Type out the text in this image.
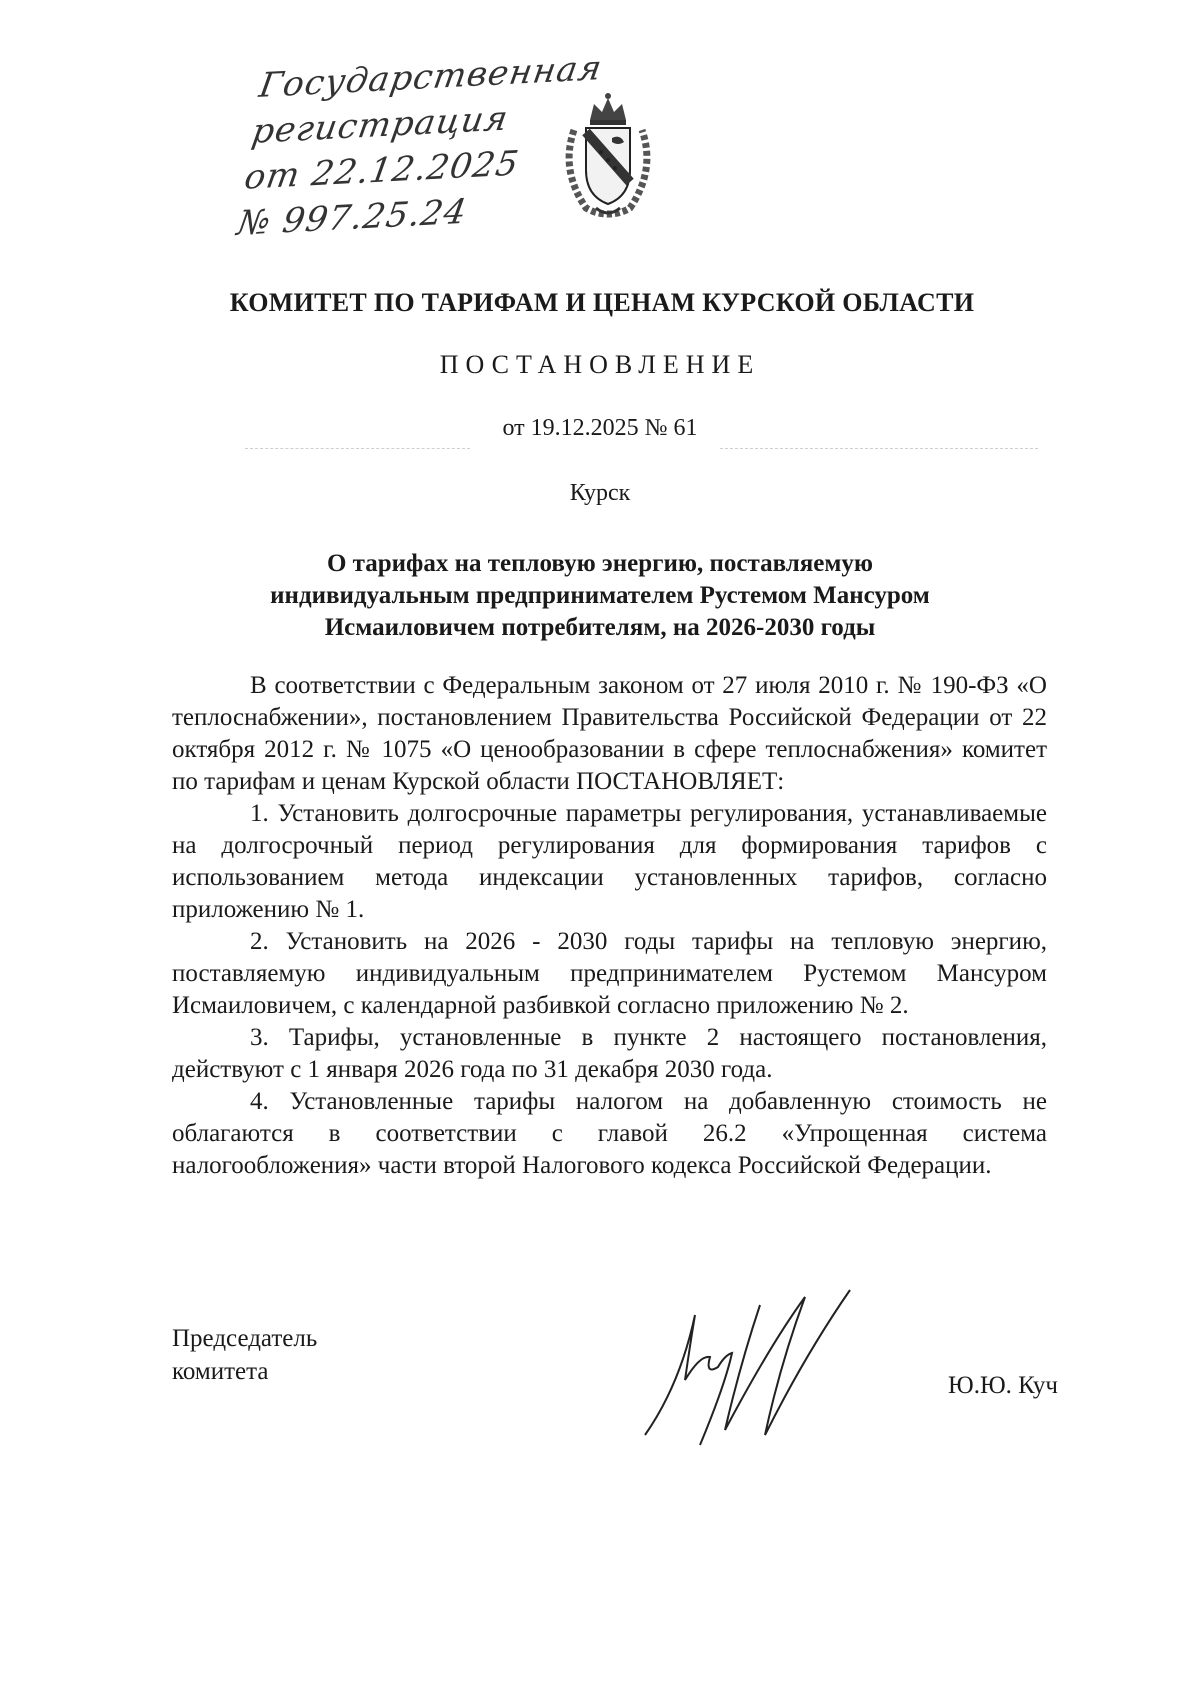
Государственная
регистрация
от 22.12.2025
№ 997.25.24
КОМИТЕТ ПО ТАРИФАМ И ЦЕНАМ КУРСКОЙ ОБЛАСТИ
ПОСТАНОВЛЕНИЕ
от 19.12.2025 № 61
Курск
О тарифах на тепловую энергию, поставляемую
индивидуальным предпринимателем Рустемом Мансуром
Исмаиловичем потребителям, на 2026-2030 годы

В соответствии с Федеральным законом от 27 июля 2010 г. № 190-ФЗ «О теплоснабжении», постановлением Правительства Российской Федерации от 22 октября 2012 г. № 1075 «О ценообразовании в сфере теплоснабжения» комитет по тарифам и ценам Курской области ПОСТАНОВЛЯЕТ:

1. Установить долгосрочные параметры регулирования, устанавливаемые на долгосрочный период регулирования для формирования тарифов с использованием метода индексации установленных тарифов, согласно приложению № 1.

2. Установить на 2026 - 2030 годы тарифы на тепловую энергию, поставляемую индивидуальным предпринимателем Рустемом Мансуром Исмаиловичем, с календарной разбивкой согласно приложению № 2.

3. Тарифы, установленные в пункте 2 настоящего постановления, действуют с 1 января 2026 года по 31 декабря 2030 года.

4. Установленные тарифы налогом на добавленную стоимость не облагаются в соответствии с главой 26.2 «Упрощенная система налогообложения» части второй Налогового кодекса Российской Федерации.

Председатель
комитета
Ю.Ю. Куч
